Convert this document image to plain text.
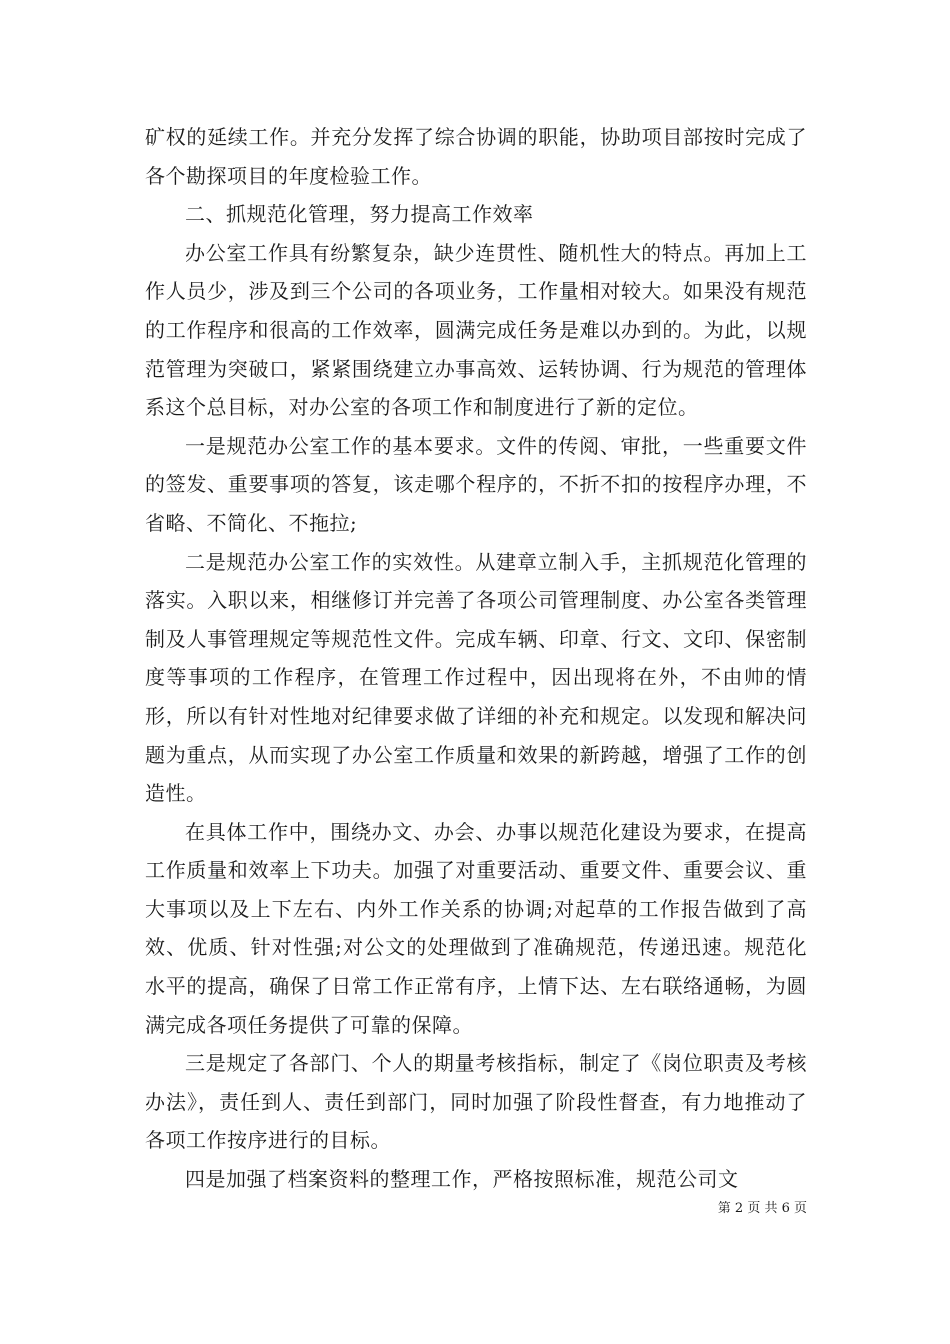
矿权的延续工作。并充分发挥了综合协调的职能，协助项目部按时完成了各个勘探项目的年度检验工作。

二、抓规范化管理，努力提高工作效率

办公室工作具有纷繁复杂，缺少连贯性、随机性大的特点。再加上工作人员少，涉及到三个公司的各项业务，工作量相对较大。如果没有规范的工作程序和很高的工作效率，圆满完成任务是难以办到的。为此，以规范管理为突破口，紧紧围绕建立办事高效、运转协调、行为规范的管理体系这个总目标，对办公室的各项工作和制度进行了新的定位。

一是规范办公室工作的基本要求。文件的传阅、审批，一些重要文件的签发、重要事项的答复，该走哪个程序的，不折不扣的按程序办理，不省略、不简化、不拖拉;

二是规范办公室工作的实效性。从建章立制入手，主抓规范化管理的落实。入职以来，相继修订并完善了各项公司管理制度、办公室各类管理制及人事管理规定等规范性文件。完成车辆、印章、行文、文印、保密制度等事项的工作程序，在管理工作过程中，因出现将在外，不由帅的情形，所以有针对性地对纪律要求做了详细的补充和规定。以发现和解决问题为重点，从而实现了办公室工作质量和效果的新跨越，增强了工作的创造性。

在具体工作中，围绕办文、办会、办事以规范化建设为要求，在提高工作质量和效率上下功夫。加强了对重要活动、重要文件、重要会议、重大事项以及上下左右、内外工作关系的协调;对起草的工作报告做到了高效、优质、针对性强;对公文的处理做到了准确规范，传递迅速。规范化水平的提高，确保了日常工作正常有序，上情下达、左右联络通畅，为圆满完成各项任务提供了可靠的保障。

三是规定了各部门、个人的期量考核指标，制定了《岗位职责及考核办法》，责任到人、责任到部门，同时加强了阶段性督查，有力地推动了各项工作按序进行的目标。

四是加强了档案资料的整理工作，严格按照标准，规范公司文

第 2 页 共 6 页
